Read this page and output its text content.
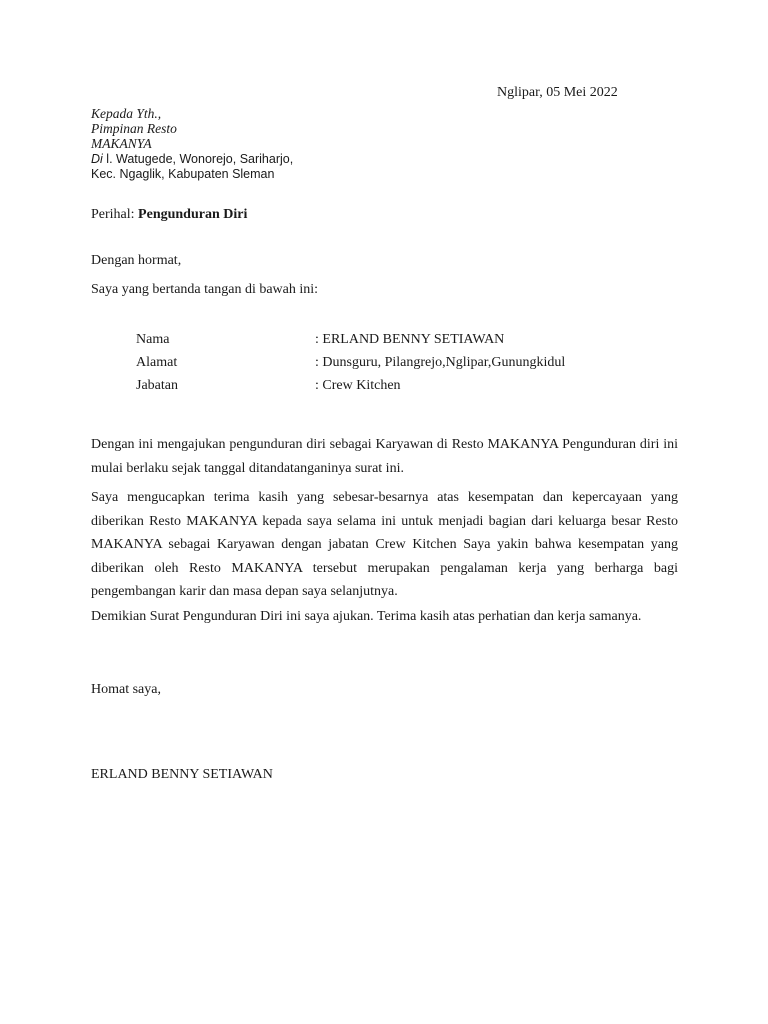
Nglipar, 05 Mei 2022
Kepada Yth.,
Pimpinan Resto
MAKANYA
Di l. Watugede, Wonorejo, Sariharjo,
Kec. Ngaglik, Kabupaten Sleman
Perihal: Pengunduran Diri
Dengan hormat,
Saya yang bertanda tangan di bawah ini:
Nama	: ERLAND BENNY SETIAWAN
Alamat	: Dunsguru, Pilangrejo,Nglipar,Gunungkidul
Jabatan	: Crew Kitchen
Dengan ini mengajukan pengunduran diri sebagai Karyawan di Resto MAKANYA Pengunduran diri ini mulai berlaku sejak tanggal ditandatanganinya surat ini.
Saya mengucapkan terima kasih yang sebesar-besarnya atas kesempatan dan kepercayaan yang diberikan Resto MAKANYA kepada saya selama ini untuk menjadi bagian dari keluarga besar Resto MAKANYA sebagai Karyawan dengan jabatan Crew Kitchen Saya yakin bahwa kesempatan yang diberikan oleh Resto MAKANYA tersebut merupakan pengalaman kerja yang berharga bagi pengembangan karir dan masa depan saya selanjutnya.
Demikian Surat Pengunduran Diri ini saya ajukan. Terima kasih atas perhatian dan kerja samanya.
Homat saya,
ERLAND BENNY SETIAWAN
